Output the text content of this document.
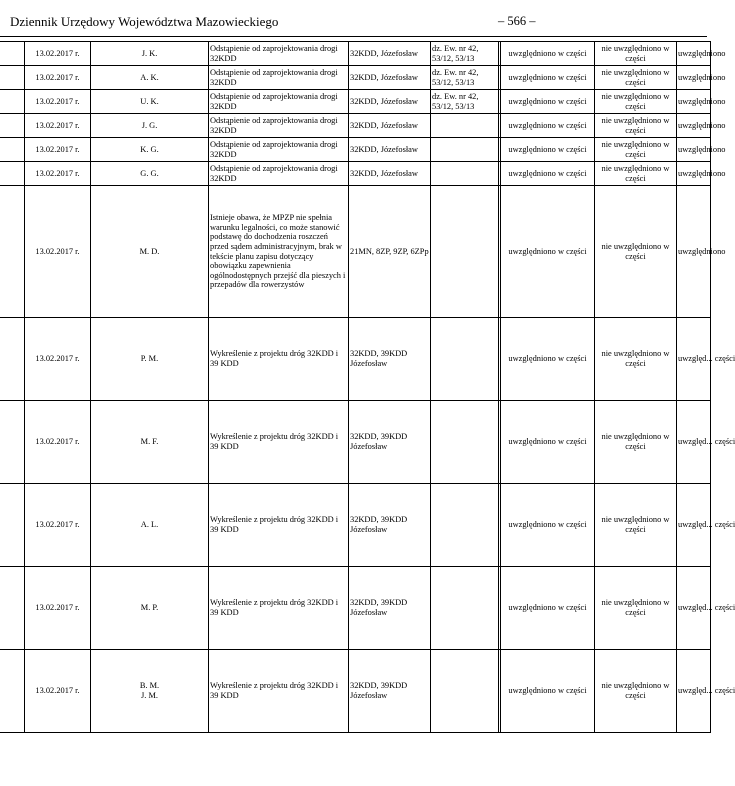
Dziennik Urzędowy Województwa Mazowieckiego	– 566 –
	13.02.2017 r.	J. K.	Odstąpienie od zaprojektowania drogi 32KDD	32KDD, Józefosław	dz. Ew. nr 42, 53/12, 53/13		uwzględniono w części	nie uwzględniono w części	uwzględniono
	13.02.2017 r.	A. K.	Odstąpienie od zaprojektowania drogi 32KDD	32KDD, Józefosław	dz. Ew. nr 42, 53/12, 53/13		uwzględniono w części	nie uwzględniono w części	uwzględniono
	13.02.2017 r.	U. K.	Odstąpienie od zaprojektowania drogi 32KDD	32KDD, Józefosław	dz. Ew. nr 42, 53/12, 53/13		uwzględniono w części	nie uwzględniono w części	uwzględniono
	13.02.2017 r.	J. G.	Odstąpienie od zaprojektowania drogi 32KDD	32KDD, Józefosław			uwzględniono w części	nie uwzględniono w części	uwzględniono
	13.02.2017 r.	K. G.	Odstąpienie od zaprojektowania drogi 32KDD	32KDD, Józefosław			uwzględniono w części	nie uwzględniono w części	uwzględniono
	13.02.2017 r.	G. G.	Odstąpienie od zaprojektowania drogi 32KDD	32KDD, Józefosław			uwzględniono w części	nie uwzględniono w części	uwzględniono
	13.02.2017 r.	M. D.	Istnieje obawa, że MPZP nie spełnia warunku legalności, co może stanowić podstawę do dochodzenia roszczeń przed sądem administracyjnym, brak w tekście planu zapisu dotyczący obowiązku zapewnienia ogólnodostępnych przejść dla pieszych i przepadów dla rowerzystów	21MN, 8ZP, 9ZP, 6ZPp			uwzględniono w części	nie uwzględniono w części	uwzględniono
	13.02.2017 r.	P. M.	Wykreślenie z projektu dróg 32KDD i 39 KDD	32KDD, 39KDD Józefosław			uwzględniono w części	nie uwzględniono w części	uwzględ... części
	13.02.2017 r.	M. F.	Wykreślenie z projektu dróg 32KDD i 39 KDD	32KDD, 39KDD Józefosław			uwzględniono w części	nie uwzględniono w części	uwzględ... części
	13.02.2017 r.	A. L.	Wykreślenie z projektu dróg 32KDD i 39 KDD	32KDD, 39KDD Józefosław			uwzględniono w części	nie uwzględniono w części	uwzględ... części
	13.02.2017 r.	M. P.	Wykreślenie z projektu dróg 32KDD i 39 KDD	32KDD, 39KDD Józefosław			uwzględniono w części	nie uwzględniono w części	uwzględ... części
	13.02.2017 r.	B. M.
J. M.	Wykreślenie z projektu dróg 32KDD i 39 KDD	32KDD, 39KDD Józefosław			uwzględniono w części	nie uwzględniono w części	uwzględ... części
